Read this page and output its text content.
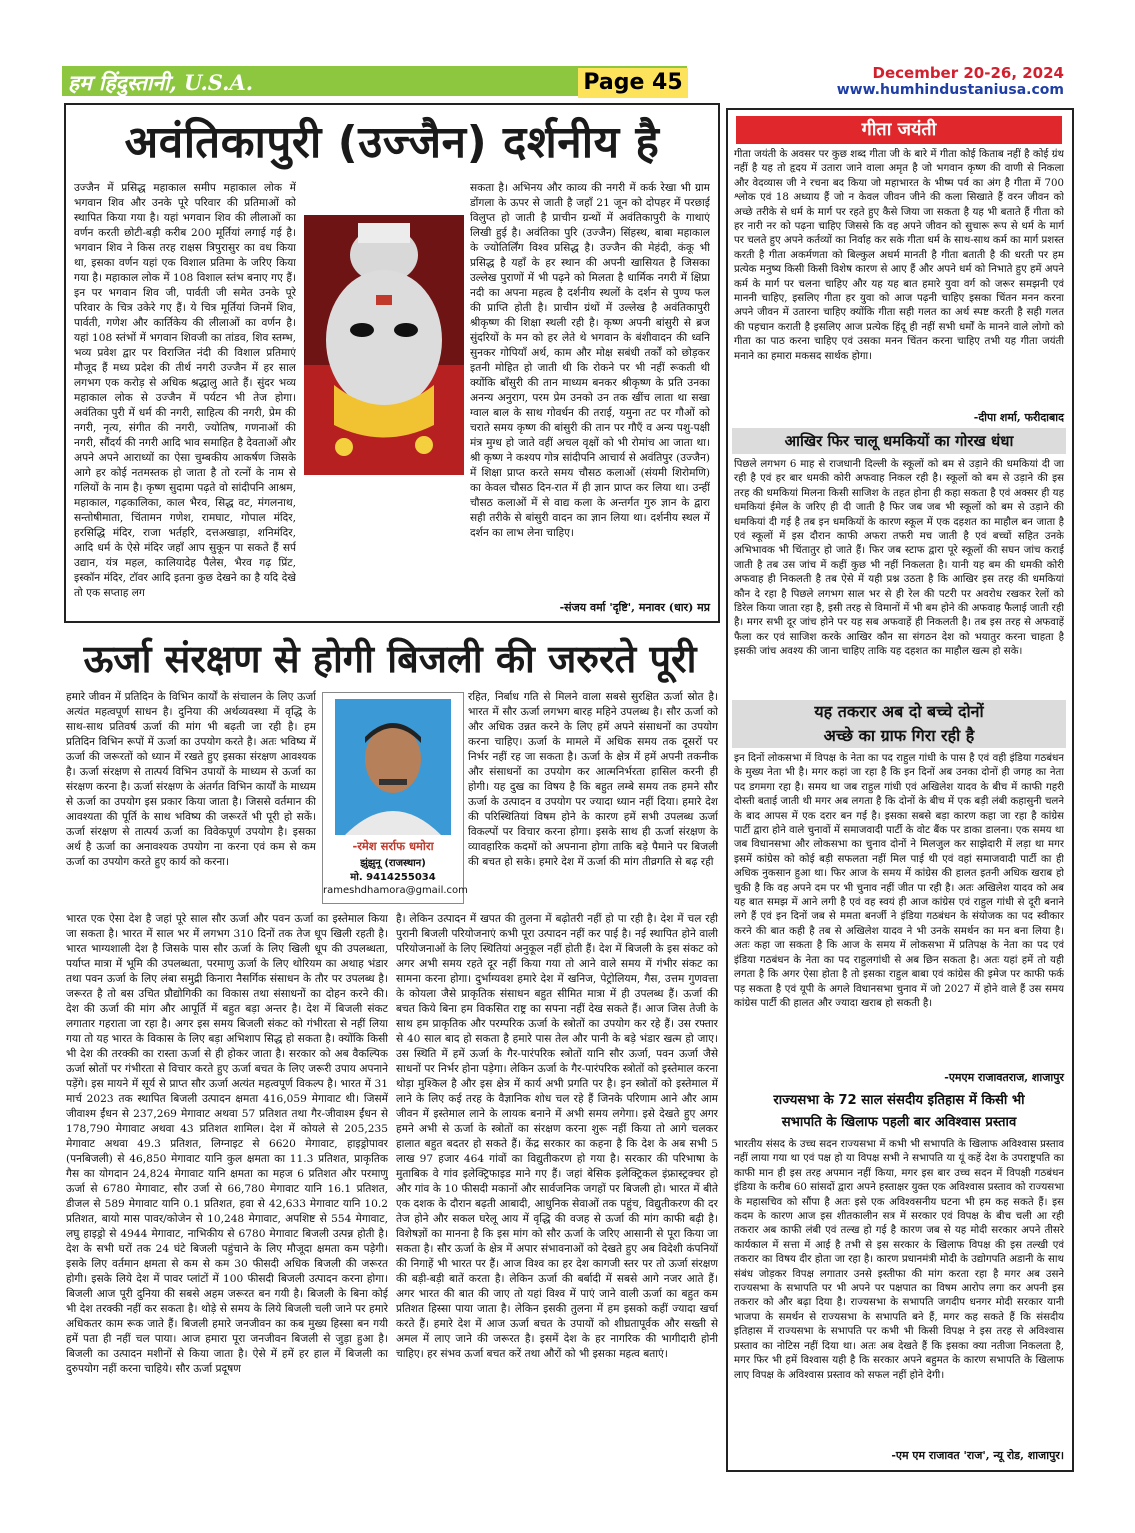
हम हिंदुस्तानी, U.S.A.	Page 45	December 20-26, 2024
www.humhindustaniusa.com
अवंतिकापुरी (उज्जैन) दर्शनीय है
उज्जैन में प्रसिद्ध महाकाल समीप महाकाल लोक में भगवान शिव और उनके पूरे परिवार की प्रतिमाओं को स्थापित किया गया है। यहां भगवान शिव की लीलाओं का वर्णन करती छोटी-बड़ी करीब 200 मूर्तियां लगाई गई है। भगवान शिव ने किस तरह राक्षस त्रिपुरासुर का वध किया था, इसका वर्णन यहां एक विशाल प्रतिमा के जरिए किया गया है। महाकाल लोक में 108 विशाल स्तंभ बनाए गए हैं। इन पर भगवान शिव जी, पार्वती जी समेत उनके पूरे परिवार के चित्र उकेरे गए हैं। ये चित्र मूर्तियां जिनमें शिव, पार्वती, गणेश और कार्तिकेय की लीलाओं का वर्णन है। यहां 108 स्तंभों में भगवान शिवजी का तांडव, शिव स्तम्भ, भव्य प्रवेश द्वार पर विराजित नंदी की विशाल प्रतिमाएं मौजूद हैं मध्य प्रदेश की तीर्थ नगरी उज्जैन में हर साल लगभग एक करोड़ से अधिक श्रद्धालु आते हैं। सुंदर भव्य महाकाल लोक से उज्जैन में पर्यटन भी तेज होगा। अवंतिका पुरी में धर्म की नगरी, साहित्य की नगरी, प्रेम की नगरी, नृत्य, संगीत की नगरी, ज्योतिष, गणनाओं की नगरी, सौंदर्य की नगरी आदि भाव समाहित है देवताओं और अपने अपने आराध्यों का ऐसा चुम्बकीय आकर्षण जिसके आगे हर कोई नतमस्तक हो जाता है तो रत्नों के नाम से गलियों के नाम है। कृष्ण सुदामा पढ़ते वो सांदीपनि आश्रम, महाकाल, गढ़कालिका, काल भैरव, सिद्ध वट, मंगलनाथ, सन्तोषीमाता, चिंतामन गणेश, रामघाट, गोपाल मंदिर, हरसिद्धि मंदिर, राजा भर्तहरि, दत्तअखाड़ा, शनिमंदिर, आदि धर्म के ऐसे मंदिर जहाँ आप सुकून पा सकते हैं सर्प उद्यान, यंत्र महल, कालियादेह पैलेस, भैरव गढ़ प्रिंट, इस्कॉन मंदिर, टॉवर आदि इतना कुछ देखने का है यदि देखे तो एक सप्ताह लग
सकता है। अभिनय और काव्य की नगरी में कर्क रेखा भी ग्राम डोंगला के ऊपर से जाती है जहाँ 21 जून को दोपहर में परछाई विलुप्त हो जाती है प्राचीन ग्रन्थों में अवंतिकापुरी के गाथाएं लिखी हुई है। अवंतिका पुरि (उज्जैन) सिंहस्थ, बाबा महाकाल के ज्योतिर्लिंग विश्व प्रसिद्ध है। उज्जैन की मेहंदी, कंकू भी प्रसिद्ध है यहाँ के हर स्थान की अपनी खासियत है जिसका उल्लेख पुराणों में भी पढ़ने को मिलता है धार्मिक नगरी में क्षिप्रा नदी का अपना महत्व है दर्शनीय स्थलों के दर्शन से पुण्य फल की प्राप्ति होती है। प्राचीन ग्रंथों में उल्लेख है अवंतिकापुरी श्रीकृष्ण की शिक्षा स्थली रही है। कृष्ण अपनी बांसुरी से ब्रज सुंदरियों के मन को हर लेते थे भगवान के बंशीवादन की ध्वनि सुनकर गोपियाँ अर्थ, काम और मोक्ष सबंधी तर्कों को छोड़कर इतनी मोहित हो जाती थी कि रोकने पर भी नहीं रूकती थी क्योंकि बाँसुरी की तान माध्यम बनकर श्रीकृष्ण के प्रति उनका अनन्य अनुराग, परम प्रेम उनको उन तक खींच लाता था सखा ग्वाल बाल के साथ गोवर्धन की तराई, यमुना तट पर गौओं को चराते समय कृष्ण की बांसुरी की तान पर गौएँ व अन्य पशु-पक्षी मंत्र मुग्ध हो जाते वहीं अचल वृक्षों को भी रोमांच आ जाता था। श्री कृष्ण ने कश्यप गोत्र सांदीपनि आचार्य से अवंतिपुर (उज्जैन) में शिक्षा प्राप्त करते समय चौसठ कलाओं (संयमी शिरोमणि) का केवल चौसठ दिन-रात में ही ज्ञान प्राप्त कर लिया था। उन्हीं चौसठ कलाओं में से वाद्य कला के अन्तर्गत गुरु ज्ञान के द्वारा सही तरीके से बांसुरी वादन का ज्ञान लिया था। दर्शनीय स्थल में दर्शन का लाभ लेना चाहिए।
-संजय वर्मा 'दृष्टि', मनावर (धार) मप्र
ऊर्जा संरक्षण से होगी बिजली की जरुरते पूरी
हमारे जीवन में प्रतिदिन के विभिन कार्यों के संचालन के लिए ऊर्जा अत्यंत महत्वपूर्ण साधन है। दुनिया की अर्थव्यवस्था में वृद्धि के साथ-साथ प्रतिवर्ष ऊर्जा की मांग भी बढ़ती जा रही है। हम प्रतिदिन विभिन रूपों में ऊर्जा का उपयोग करते है। अतः भविष्य में ऊर्जा की जरूरतों को ध्यान में रखते हुए इसका संरक्षण आवश्यक है। ऊर्जा संरक्षण से तात्पर्य विभिन उपायों के माध्यम से ऊर्जा का संरक्षण करना है। ऊर्जा संरक्षण के अंतर्गत विभिन कार्यों के माध्यम से ऊर्जा का उपयोग इस प्रकार किया जाता है। जिससे वर्तमान की आवश्यता की पूर्ति के साथ भविष्य की जरूरतें भी पूरी हो सकें। ऊर्जा संरक्षण से तात्पर्य ऊर्जा का विवेकपूर्ण उपयोग है। इसका अर्थ है ऊर्जा का अनावश्यक उपयोग ना करना एवं कम से कम ऊर्जा का उपयोग करते हुए कार्य को करना।
-रमेश सर्राफ धमोरा
झुंझुनू (राजस्थान)
मो. 9414255034
rameshdhamora@gmail.com
रहित, निर्बाध गति से मिलने वाला सबसे सुरक्षित ऊर्जा स्रोत है। भारत में सौर ऊर्जा लगभग बारह महिने उपलब्ध है। सौर ऊर्जा को और अधिक उन्नत करने के लिए हमें अपने संसाधनों का उपयोग करना चाहिए। ऊर्जा के मामले में अधिक समय तक दूसरों पर निर्भर नहीं रह जा सकता है। ऊर्जा के क्षेत्र में हमें अपनी तकनीक और संसाधनों का उपयोग कर आत्मनिर्भरता हासिल करनी ही होगी। यह दुख का विषय है कि बहुत लम्बे समय तक हमने सौर ऊर्जा के उत्पादन व उपयोग पर ज्यादा ध्यान नहीं दिया। हमारे देश की परिस्थितियां विषम होने के कारण हमें सभी उपलब्ध ऊर्जा विकल्पों पर विचार करना होगा। इसके साथ ही ऊर्जा संरक्षण के व्यावहारिक कदमों को अपनाना होगा ताकि बड़े पैमाने पर बिजली की बचत हो सके। हमारे देश में ऊर्जा की मांग तीव्रगति से बढ़ रही
भारत एक ऐसा देश है जहां पूरे साल सौर ऊर्जा और पवन ऊर्जा का इस्तेमाल किया जा सकता है। भारत में साल भर में लगभग 310 दिनों तक तेज धूप खिली रहती है। भारत भाग्यशाली देश है जिसके पास सौर ऊर्जा के लिए खिली धूप की उपलब्धता, पर्याप्त मात्रा में भूमि की उपलब्धता, परमाणु ऊर्जा के लिए थोरियम का अथाह भंडार तथा पवन ऊर्जा के लिए लंबा समुद्री किनारा नैसर्गिक संसाधन के तौर पर उपलब्ध है। जरूरत है तो बस उचित प्रौद्योगिकी का विकास तथा संसाधनों का दोहन करने की। देश की ऊर्जा की मांग और आपूर्ति में बहुत बड़ा अन्तर है। देश में बिजली संकट लगातार गहराता जा रहा है। अगर इस समय बिजली संकट को गंभीरता से नहीं लिया गया तो यह भारत के विकास के लिए बड़ा अभिशाप सिद्ध हो सकता है। क्योंकि किसी भी देश की तरक्की का रास्ता ऊर्जा से ही होकर जाता है। सरकार को अब वैकल्पिक ऊर्जा स्रोतों पर गंभीरता से विचार करते हुए ऊर्जा बचत के लिए जरूरी उपाय अपनाने पड़ेंगे। इस मायने में सूर्य से प्राप्त सौर ऊर्जा अत्यंत महत्वपूर्ण विकल्प है। भारत में 31 मार्च 2023 तक स्थापित बिजली उत्पादन क्षमता 416,059 मेगावाट थी। जिसमें जीवाश्म ईंधन से 237,269 मेगावाट अथवा 57 प्रतिशत तथा गैर-जीवाश्म ईंधन से 178,790 मेगावाट अथवा 43 प्रतिशत शामिल। देश में कोयले से 205,235 मेगावाट अथवा 49.3 प्रतिशत, लिग्नाइट से 6620 मेगावाट, हाइड्रोपावर (पनबिजली) से 46,850 मेगावाट यानि कुल क्षमता का 11.3 प्रतिशत, प्राकृतिक गैस का योगदान 24,824 मेगावाट यानि क्षमता का महज 6 प्रतिशत और परमाणु ऊर्जा से 6780 मेगावाट, सौर उर्जा से 66,780 मेगावाट यानि 16.1 प्रतिशत, डीजल से 589 मेगावाट यानि 0.1 प्रतिशत, हवा से 42,633 मेगावाट यानि 10.2 प्रतिशत, बायो मास पावर/कोजेन से 10,248 मेगावाट, अपशिष्ट से 554 मेगावाट, लघु हाइड्रो से 4944 मेगावाट, नाभिकीय से 6780 मेगावाट बिजली उत्पन्न होती है। देश के सभी घरों तक 24 घंटे बिजली पहुंचाने के लिए मौजूदा क्षमता कम पड़ेगी। इसके लिए वर्तमान क्षमता से कम से कम 30 फीसदी अधिक बिजली की जरूरत होगी। इसके लिये देश में पावर प्लांटों में 100 फीसदी बिजली उत्पादन करना होगा। बिजली आज पूरी दुनिया की सबसे अहम जरूरत बन गयी है। बिजली के बिना कोई भी देश तरक्की नहीं कर सकता है। थोड़े से समय के लिये बिजली चली जाने पर हमारे अधिकतर काम रूक जाते हैं। बिजली हमारे जनजीवन का कब मुख्य हिस्सा बन गयी हमें पता ही नहीं चल पाया। आज हमारा पूरा जनजीवन बिजली से जुड़ा हुआ है। बिजली का उत्पादन मशीनों से किया जाता है। ऐसे में हमें हर हाल में बिजली का दुरुपयोग नहीं करना चाहिये। सौर ऊर्जा प्रदूषण
है। लेकिन उत्पादन में खपत की तुलना में बढ़ोतरी नहीं हो पा रही है। देश में चल रही पुरानी बिजली परियोजनाएं कभी पूरा उत्पादन नहीं कर पाई है। नई स्थापित होने वाली परियोजनाओं के लिए स्थितियां अनुकूल नहीं होती हैं। देश में बिजली के इस संकट को अगर अभी समय रहते दूर नहीं किया गया तो आने वाले समय में गंभीर संकट का सामना करना होगा। दुर्भाग्यवश हमारे देश में खनिज, पेट्रोलियम, गैस, उत्तम गुणवत्ता के कोयला जैसे प्राकृतिक संसाधन बहुत सीमित मात्रा में ही उपलब्ध हैं। ऊर्जा की बचत किये बिना हम विकसित राष्ट्र का सपना नहीं देख सकते हैं। आज जिस तेजी के साथ हम प्राकृतिक और परम्परिक ऊर्जा के स्त्रोतों का उपयोग कर रहे हैं। उस रफ्तार से 40 साल बाद हो सकता है हमारे पास तेल और पानी के बड़े भंडार खत्म हो जाए। उस स्थिति में हमें ऊर्जा के गैर-पारंपरिक स्त्रोतों यानि सौर ऊर्जा, पवन ऊर्जा जैसे साधनों पर निर्भर होना पड़ेगा। लेकिन ऊर्जा के गैर-पारंपरिक स्त्रोतों को इस्तेमाल करना थोड़ा मुश्किल है और इस क्षेत्र में कार्य अभी प्रगति पर है। इन स्त्रोतों को इस्तेमाल में लाने के लिए कई तरह के वैज्ञानिक शोध चल रहे हैं जिनके परिणाम आने और आम जीवन में इस्तेमाल लाने के लायक बनाने में अभी समय लगेगा। इसे देखते हुए अगर हमने अभी से ऊर्जा के स्त्रोतों का संरक्षण करना शुरू नहीं किया तो आगे चलकर हालात बहुत बदतर हो सकते हैं। केंद्र सरकार का कहना है कि देश के अब सभी 5 लाख 97 हजार 464 गांवों का विद्युतीकरण हो गया है। सरकार की परिभाषा के मुताबिक वे गांव इलेक्ट्रिफाइड माने गए हैं। जहां बेसिक इलेक्ट्रिकल इंफ्रास्ट्रक्चर हो और गांव के 10 फीसदी मकानों और सार्वजनिक जगहों पर बिजली हो। भारत में बीते एक दशक के दौरान बढ़ती आबादी, आधुनिक सेवाओं तक पहुंच, विद्युतीकरण की दर तेज होने और सकल घरेलू आय में वृद्धि की वजह से ऊर्जा की मांग काफी बढ़ी है। विशेषज्ञों का मानना है कि इस मांग को सौर ऊर्जा के जरिए आसानी से पूरा किया जा सकता है। सौर ऊर्जा के क्षेत्र में अपार संभावनाओं को देखते हुए अब विदेशी कंपनियों की निगाहें भी भारत पर हैं। आज विश्व का हर देश कागजी स्तर पर तो ऊर्जा संरक्षण की बड़ी-बड़ी बातें करता है। लेकिन ऊर्जा की बर्बादी में सबसे आगे नजर आते हैं। अगर भारत की बात की जाए तो यहां विश्व में पाएं जाने वाली ऊर्जा का बहुत कम प्रतिशत हिस्सा पाया जाता है। लेकिन इसकी तुलना में हम इसको कहीं ज्यादा खर्चा करते हैं। हमारे देश में आज ऊर्जा बचत के उपायों को शीघ्रतापूर्वक और सख्ती से अमल में लाए जाने की जरूरत है। इसमें देश के हर नागरिक की भागीदारी होनी चाहिए। हर संभव ऊर्जा बचत करें तथा औरों को भी इसका महत्व बताएं।
गीता जयंती
गीता जयंती के अवसर पर कुछ शब्द गीता जी के बारे में गीता कोई किताब नहीं है कोई ग्रंथ नहीं है यह तो हृदय में उतारा जाने वाला अमृत है जो भगवान कृष्ण की वाणी से निकला और वेदव्यास जी ने रचना बद किया जो महाभारत के भीष्म पर्व का अंग है गीता में 700 श्लोक एवं 18 अध्याय हैं जो न केवल जीवन जीने की कला सिखाते हैं वरन जीवन को अच्छे तरीके से धर्म के मार्ग पर रहते हुए कैसे जिया जा सकता है यह भी बताते हैं गीता को हर नारी नर को पढ़ना चाहिए जिससे कि वह अपने जीवन को सुचारू रूप से धर्म के मार्ग पर चलते हुए अपने कर्तव्यों का निर्वाह कर सके गीता धर्म के साथ-साथ कर्म का मार्ग प्रशस्त करती है गीता अकर्मणता को बिल्कुल अधर्म मानती है गीता बताती है की धरती पर हम प्रत्येक मनुष्य किसी किसी विशेष कारण से आए हैं और अपने धर्म को निभाते हुए हमें अपने कर्म के मार्ग पर चलना चाहिए और यह यह बात हमारे युवा वर्ग को जरूर समझनी एवं माननी चाहिए, इसलिए गीता हर युवा को आज पढ़नी चाहिए इसका चिंतन मनन करना अपने जीवन में उतारना चाहिए क्योंकि गीता सही गलत का अर्थ स्पष्ट करती है सही गलत की पहचान कराती है इसलिए आज प्रत्येक हिंदू ही नहीं सभी धर्मों के मानने वाले लोगो को गीता का पाठ करना चाहिए एवं उसका मनन चिंतन करना चाहिए तभी यह गीता जयंती मनाने का हमारा मकसद सार्थक होगा।
-दीपा शर्मा, फरीदाबाद
आखिर फिर चालू धमकियों का गोरख धंधा
पिछले लगभग 6 माह से राजधानी दिल्ली के स्कूलों को बम से उड़ाने की धमकियां दी जा रही है एवं हर बार धमकी कोरी अफवाह निकल रही है। स्कूलों को बम से उड़ाने की इस तरह की धमकियां मिलना किसी साजिश के तहत होना ही कहा सकता है एवं अक्सर ही यह धमकियां ईमेल के जरिए ही दी जाती है फिर जब जब भी स्कूलों को बम से उड़ाने की धमकियां दी गई है तब इन धमकियों के कारण स्कूल में एक दहशत का माहौल बन जाता है एवं स्कूलों में इस दौरान काफी अफरा तफरी मच जाती है एवं बच्चों सहित उनके अभिभावक भी चिंतातुर हो जाते हैं। फिर जब स्टाफ द्वारा पूरे स्कूलों की सघन जांच कराई जाती है तब उस जांच में कहीं कुछ भी नहीं निकलता है। यानी यह बम की धमकी कोरी अफवाह ही निकलती है तब ऐसे में यही प्रश्न उठता है कि आखिर इस तरह की धमकियां कौन दे रहा है पिछले लगभग साल भर से ही रेल की पटरी पर अवरोध रखकर रेलों को डिरेल किया जाता रहा है, इसी तरह से विमानों में भी बम होने की अफवाह फैलाई जाती रही है। मगर सभी दूर जांच होने पर यह सब अफवाहें ही निकलती है। तब इस तरह से अफवाहें फैला कर एवं साजिश करके आखिर कौन सा संगठन देश को भयातुर करना चाहता है इसकी जांच अवश्य की जाना चाहिए ताकि यह दहशत का माहौल खत्म हो सके।
यह तकरार अब दो बच्चे दोनों
अच्छे का ग्राफ गिरा रही है
इन दिनों लोकसभा में विपक्ष के नेता का पद राहुल गांधी के पास है एवं वही इंडिया गठबंधन के मुख्य नेता भी है। मगर कहां जा रहा है कि इन दिनों अब उनका दोनों ही जगह का नेता पद डगमगा रहा है। समय था जब राहुल गांधी एवं अखिलेश यादव के बीच में काफी गहरी दोस्ती बताई जाती थी मगर अब लगता है कि दोनों के बीच में एक बड़ी लंबी कहासुनी चलने के बाद आपस में एक दरार बन गई है। इसका सबसे बड़ा कारण कहा जा रहा है कांग्रेस पार्टी द्वारा होने वाले चुनावों में समाजवादी पार्टी के वोट बैंक पर डाका डालना। एक समय था जब विधानसभा और लोकसभा का चुनाव दोनों ने मिलजुल कर साझेदारी में लड़ा था मगर इसमें कांग्रेस को कोई बड़ी सफलता नहीं मिल पाई थी एवं वहां समाजवादी पार्टी का ही अधिक नुकसान हुआ था। फिर आज के समय में कांग्रेस की हालत इतनी अधिक खराब हो चुकी है कि वह अपने दम पर भी चुनाव नहीं जीत पा रही है। अतः अखिलेश यादव को अब यह बात समझ में आने लगी है एवं वह स्वयं ही आज कांग्रेस एवं राहुल गांधी से दूरी बनाने लगे हैं एवं इन दिनों जब से ममता बनर्जी ने इंडिया गठबंधन के संयोजक का पद स्वीकार करने की बात कही है तब से अखिलेश यादव ने भी उनके समर्थन का मन बना लिया है। अतः कहा जा सकता है कि आज के समय में लोकसभा में प्रतिपक्ष के नेता का पद एवं इंडिया गठबंधन के नेता का पद राहुलगांधी से अब छिन सकता है। अतः यहां हमें तो यही लगता है कि अगर ऐसा होता है तो इसका राहुल बाबा एवं कांग्रेस की इमेज पर काफी फर्क पड़ सकता है एवं यूपी के अगले विधानसभा चुनाव में जो 2027 में होने वाले हैं उस समय कांग्रेस पार्टी की हालत और ज्यादा खराब हो सकती है।
-एमएम राजावतराज, शाजापुर
राज्यसभा के 72 साल संसदीय इतिहास में किसी भी
सभापति के खिलाफ पहली बार अविश्वास प्रस्ताव
भारतीय संसद के उच्च सदन राज्यसभा में कभी भी सभापति के खिलाफ अविश्वास प्रस्ताव नहीं लाया गया था एवं पक्ष हो या विपक्ष सभी ने सभापति या यूं कहें देश के उपराष्ट्रपति का काफी मान ही इस तरह अपमान नहीं किया, मगर इस बार उच्च सदन में विपक्षी गठबंधन इंडिया के करीब 60 सांसदों द्वारा अपने हस्ताक्षर युक्त एक अविश्वास प्रस्ताव को राज्यसभा के महासचिव को सौंपा है अतः इसे एक अविश्वसनीय घटना भी हम कह सकते हैं। इस कदम के कारण आज इस शीतकालीन सत्र में सरकार एवं विपक्ष के बीच चली आ रही तकरार अब काफी लंबी एवं तल्ख हो गई है कारण जब से यह मोदी सरकार अपने तीसरे कार्यकाल में सत्ता में आई है तभी से इस सरकार के खिलाफ विपक्ष की इस तल्खी एवं तकरार का विषय दीर होता जा रहा है। कारण प्रधानमंत्री मोदी के उद्योगपति अडानी के साथ संबंध जोड़कर विपक्ष लगातार उनसे इस्तीफा की मांग करता रहा है मगर अब उसने राज्यसभा के सभापति पर भी अपने पर पक्षपात का विषम आरोप लगा कर अपनी इस तकरार को और बढ़ा दिया है। राज्यसभा के सभापति जगदीप धनगर मोदी सरकार यानी भाजपा के समर्थन से राज्यसभा के सभापति बने हैं, मगर कह सकते हैं कि संसदीय इतिहास में राज्यसभा के सभापति पर कभी भी किसी विपक्ष ने इस तरह से अविश्वास प्रस्ताव का नोटिस नहीं दिया था। अतः अब देखते हैं कि इसका क्या नतीजा निकलता है, मगर फिर भी हमें विश्वास यही है कि सरकार अपने बहुमत के कारण सभापति के खिलाफ लाए विपक्ष के अविश्वास प्रस्ताव को सफल नहीं होने देगी।
-एम एम राजावत 'राज', न्यू रोड, शाजापुर।
